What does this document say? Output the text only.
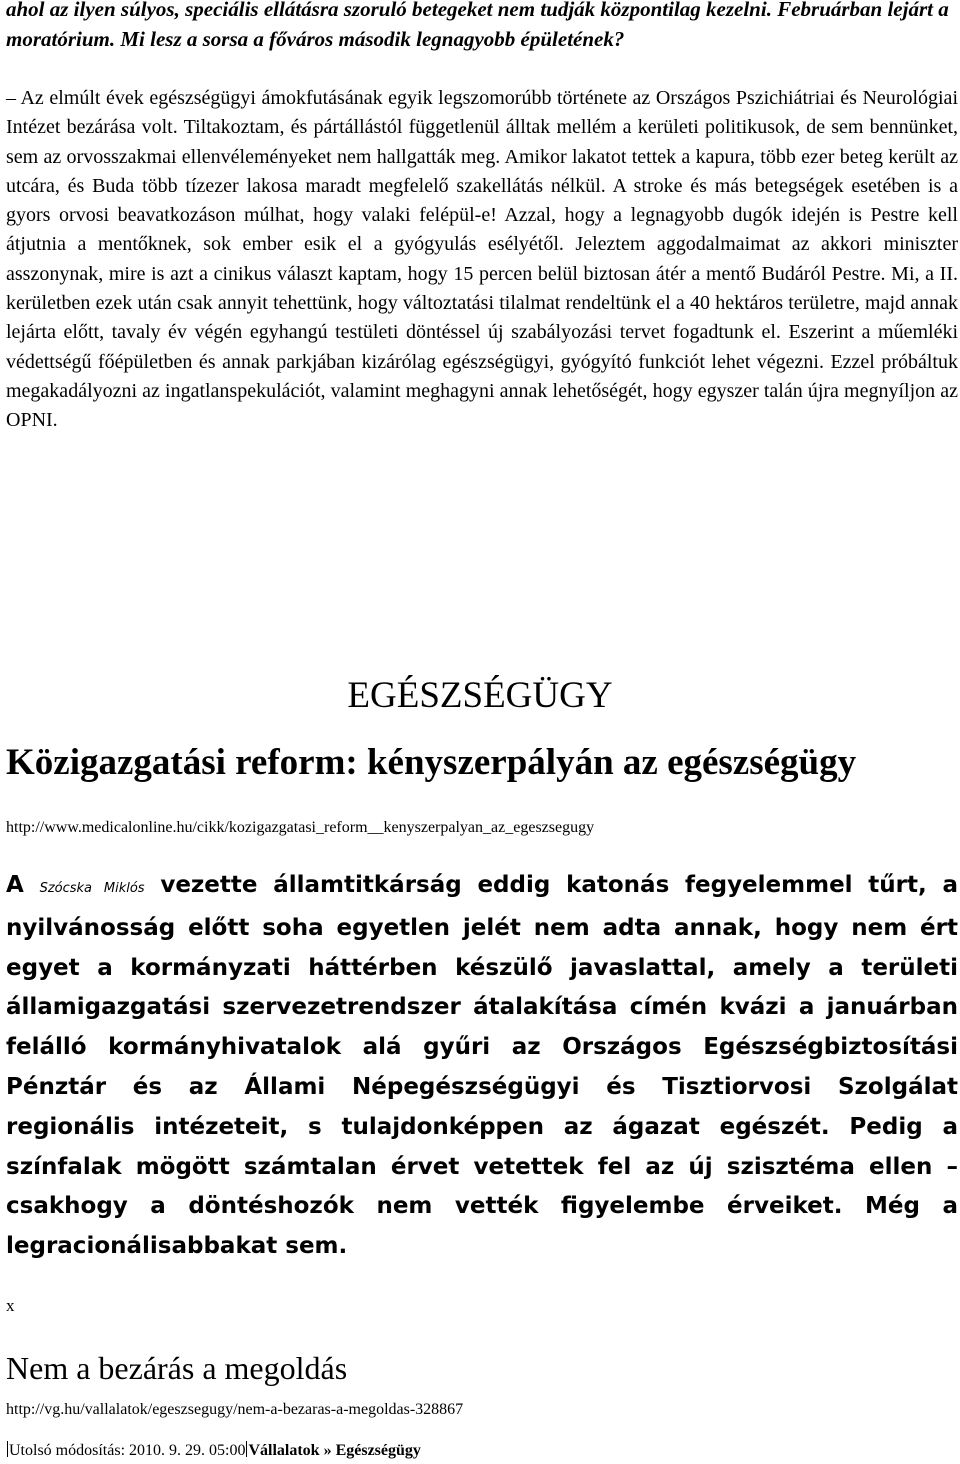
ahol az ilyen súlyos, speciális ellátásra szoruló betegeket nem tudják központilag kezelni. Februárban lejárt a moratórium. Mi lesz a sorsa a főváros második legnagyobb épületének?
– Az elmúlt évek egészségügyi ámokfutásának egyik legszomorúbb története az Országos Pszichiátriai és Neurológiai Intézet bezárása volt. Tiltakoztam, és pártállástól függetlenül álltak mellém a kerületi politikusok, de sem bennünket, sem az orvosszakmai ellenvéleményeket nem hallgatták meg. Amikor lakatot tettek a kapura, több ezer beteg került az utcára, és Buda több tízezer lakosa maradt megfelelő szakellátás nélkül. A stroke és más betegségek esetében is a gyors orvosi beavatkozáson múlhat, hogy valaki felépül-e! Azzal, hogy a legnagyobb dugók idején is Pestre kell átjutnia a mentőknek, sok ember esik el a gyógyulás esélyétől. Jeleztem aggodalmaimat az akkori miniszter asszonynak, mire is azt a cinikus választ kaptam, hogy 15 percen belül biztosan átér a mentő Budáról Pestre. Mi, a II. kerületben ezek után csak annyit tehettünk, hogy változtatási tilalmat rendeltünk el a 40 hektáros területre, majd annak lejárta előtt, tavaly év végén egyhangú testületi döntéssel új szabályozási tervet fogadtunk el. Eszerint a műemléki védettségű főépületben és annak parkjában kizárólag egészségügyi, gyógyító funkciót lehet végezni. Ezzel próbáltuk megakadályozni az ingatlanspekulációt, valamint meghagyni annak lehetőségét, hogy egyszer talán újra megnyíljon az OPNI.
EGÉSZSÉGÜGY
Közigazgatási reform: kényszerpályán az egészségügy
http://www.medicalonline.hu/cikk/kozigazgatasi_reform__kenyszerpalyan_az_egeszsegugy
A Szócska Miklós vezette államtitkárság eddig katonás fegyelemmel tűrt, a nyilvánosság előtt soha egyetlen jelét nem adta annak, hogy nem ért egyet a kormányzati háttérben készülő javaslattal, amely a területi államigazgatási szervezetrendszer átalakítása címén kvázi a januárban felálló kormányhivatalok alá gyűri az Országos Egészségbiztosítási Pénztár és az Állami Népegészségügyi és Tisztiorvosi Szolgálat regionális intézeteit, s tulajdonképpen az ágazat egészét. Pedig a színfalak mögött számtalan érvet vetettek fel az új szisztéma ellen – csakhogy a döntéshozók nem vették figyelembe érveiket. Még a legracionálisabbakat sem.
x
Nem a bezárás a megoldás
http://vg.hu/vallalatok/egeszsegugy/nem-a-bezaras-a-megoldas-328867
Utolsó módosítás: 2010. 9. 29. 05:00 Vállalatok » Egészségügy
